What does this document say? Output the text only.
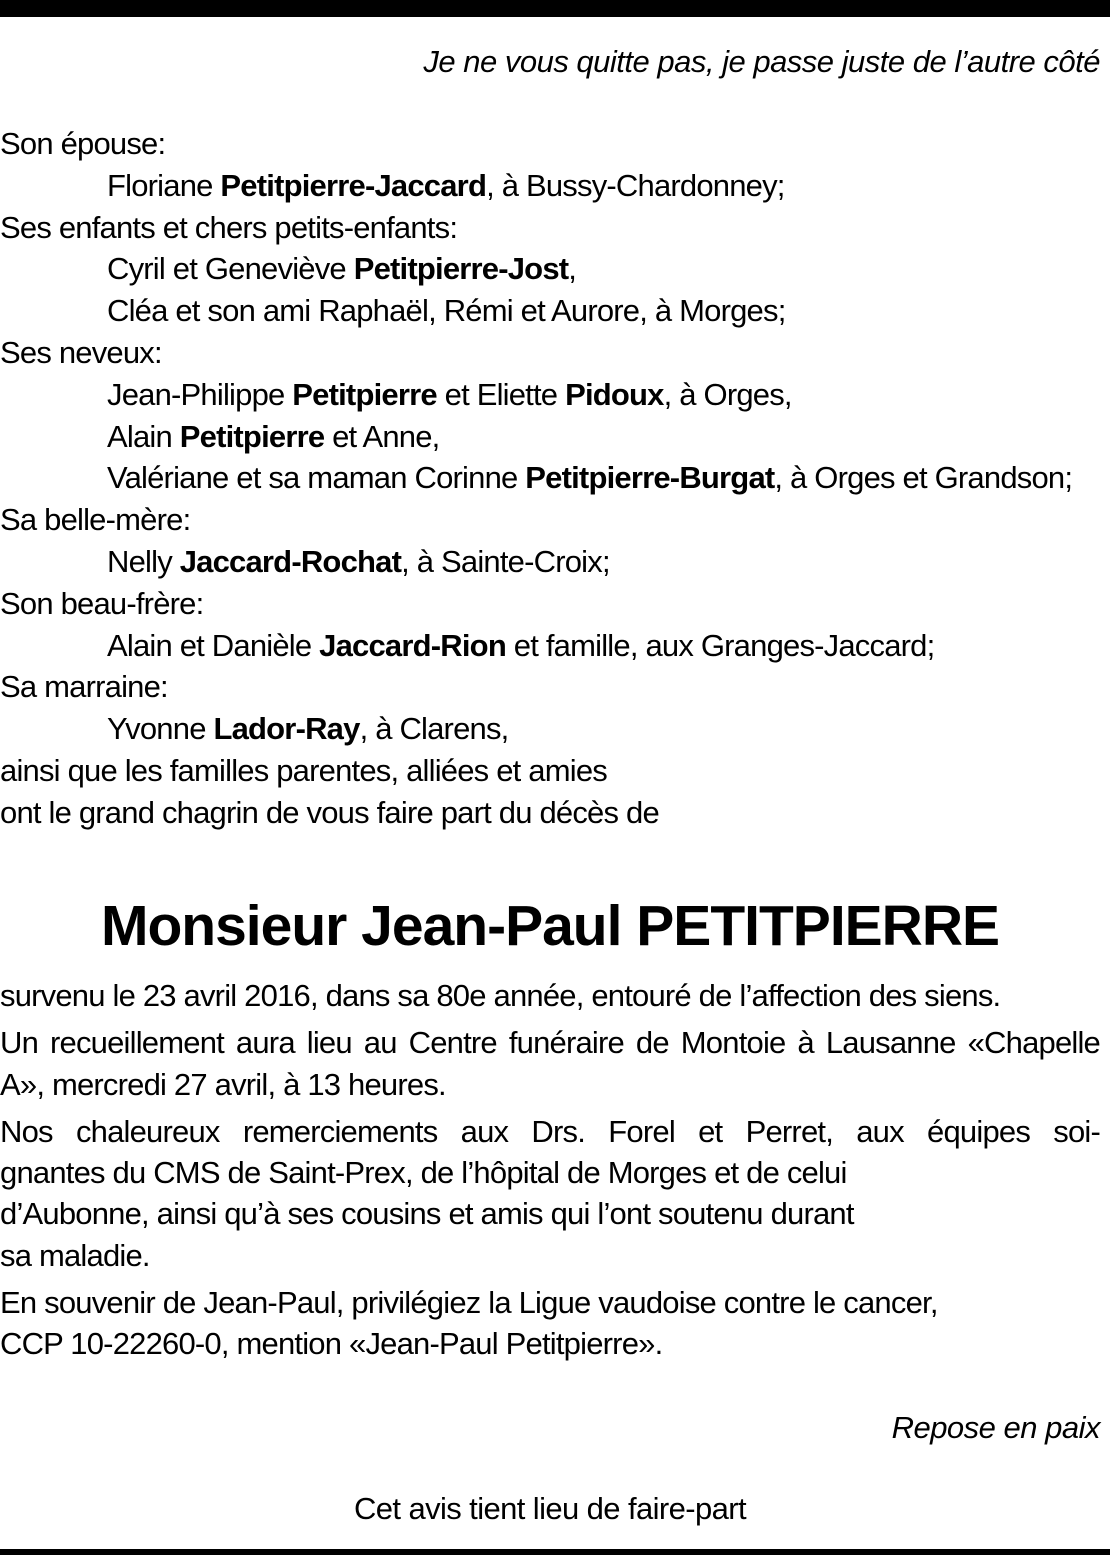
Je ne vous quitte pas, je passe juste de l’autre côté
Son épouse:
Floriane Petitpierre-Jaccard, à Bussy-Chardonney;
Ses enfants et chers petits-enfants:
Cyril et Geneviève Petitpierre-Jost,
Cléa et son ami Raphaël, Rémi et Aurore, à Morges;
Ses neveux:
Jean-Philippe Petitpierre et Eliette Pidoux, à Orges,
Alain Petitpierre et Anne,
Valériane et sa maman Corinne Petitpierre-Burgat, à Orges et Grandson;
Sa belle-mère:
Nelly Jaccard-Rochat, à Sainte-Croix;
Son beau-frère:
Alain et Danièle Jaccard-Rion et famille, aux Granges-Jaccard;
Sa marraine:
Yvonne Lador-Ray, à Clarens,
ainsi que les familles parentes, alliées et amies
ont le grand chagrin de vous faire part du décès de
Monsieur Jean-Paul PETITPIERRE

survenu le 23 avril 2016, dans sa 80e année, entouré de l’affection des siens.

Un recueillement aura lieu au Centre funéraire de Montoie à Lausanne «Chapelle A», mercredi 27 avril, à 13 heures.

Nos chaleureux remerciements aux Drs. Forel et Perret, aux équipes soi-
gnantes du CMS de Saint-Prex, de l’hôpital de Morges et de celui
d’Aubonne, ainsi qu’à ses cousins et amis qui l’ont soutenu durant
sa maladie.

En souvenir de Jean-Paul, privilégiez la Ligue vaudoise contre le cancer,
CCP 10-22260-0, mention «Jean-Paul Petitpierre».

Repose en paix
Cet avis tient lieu de faire-part
